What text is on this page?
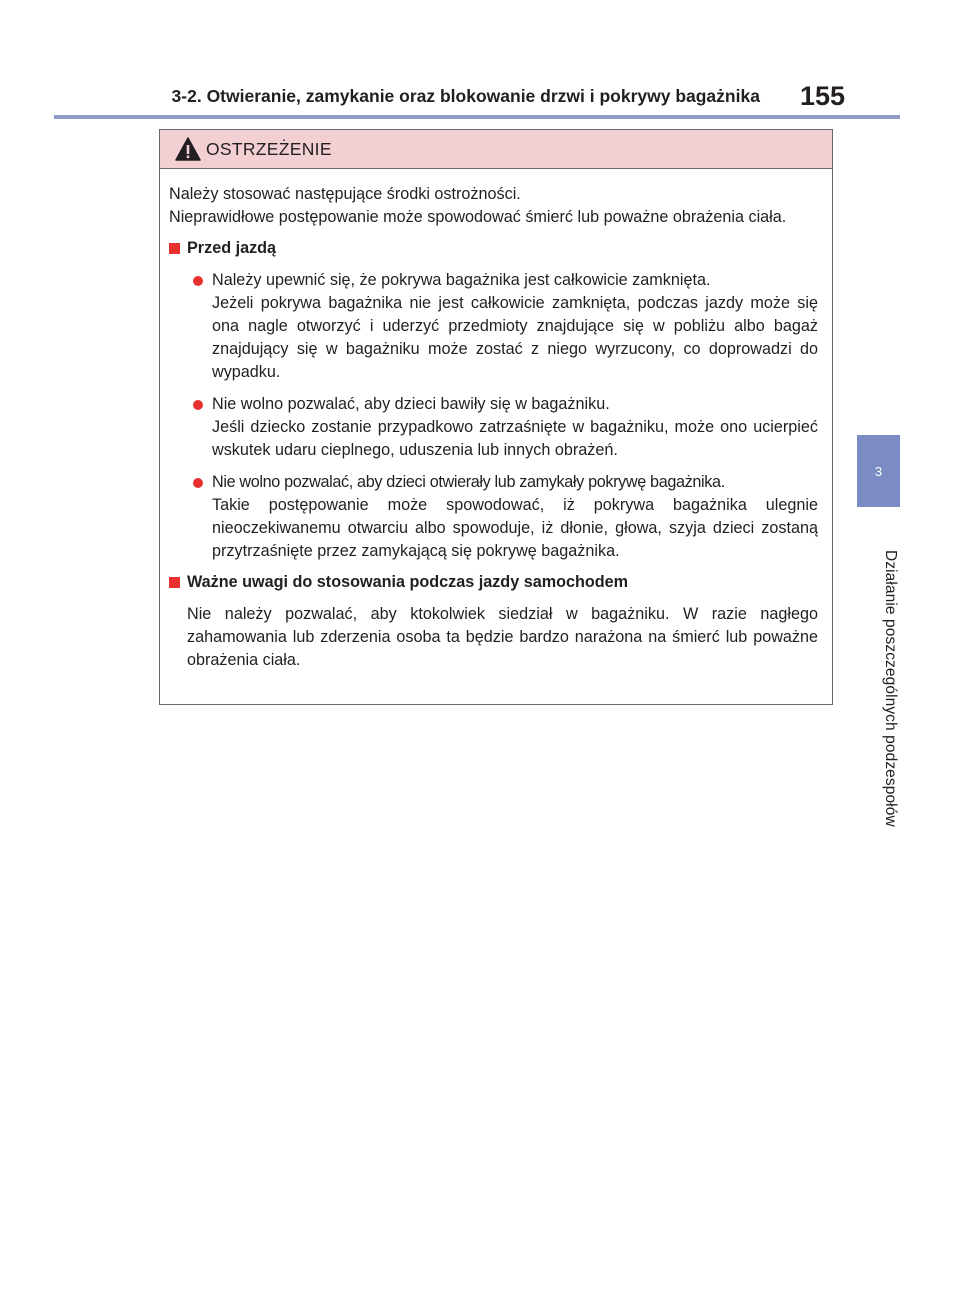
3-2. Otwieranie, zamykanie oraz blokowanie drzwi i pokrywy bagażnika 155
3
Działanie poszczególnych podzespołów
OSTRZEŻENIE

Należy stosować następujące środki ostrożności.

Nieprawidłowe postępowanie może spowodować śmierć lub poważne obrażenia ciała.

Przed jazdą
Należy upewnić się, że pokrywa bagażnika jest całkowicie zamknięta.
Jeżeli pokrywa bagażnika nie jest całkowicie zamknięta, podczas jazdy może się ona nagle otworzyć i uderzyć przedmioty znajdujące się w pobliżu albo bagaż znajdujący się w bagażniku może zostać z niego wyrzucony, co doprowadzi do wypadku.
Nie wolno pozwalać, aby dzieci bawiły się w bagażniku.
Jeśli dziecko zostanie przypadkowo zatrzaśnięte w bagażniku, może ono ucierpieć wskutek udaru cieplnego, uduszenia lub innych obrażeń.
Nie wolno pozwalać, aby dzieci otwierały lub zamykały pokrywę bagażnika.
Takie postępowanie może spowodować, iż pokrywa bagażnika ulegnie nieoczekiwanemu otwarciu albo spowoduje, iż dłonie, głowa, szyja dzieci zostaną przytrzaśnięte przez zamykającą się pokrywę bagażnika.
Ważne uwagi do stosowania podczas jazdy samochodem
Nie należy pozwalać, aby ktokolwiek siedział w bagażniku. W razie nagłego zahamowania lub zderzenia osoba ta będzie bardzo narażona na śmierć lub poważne obrażenia ciała.
